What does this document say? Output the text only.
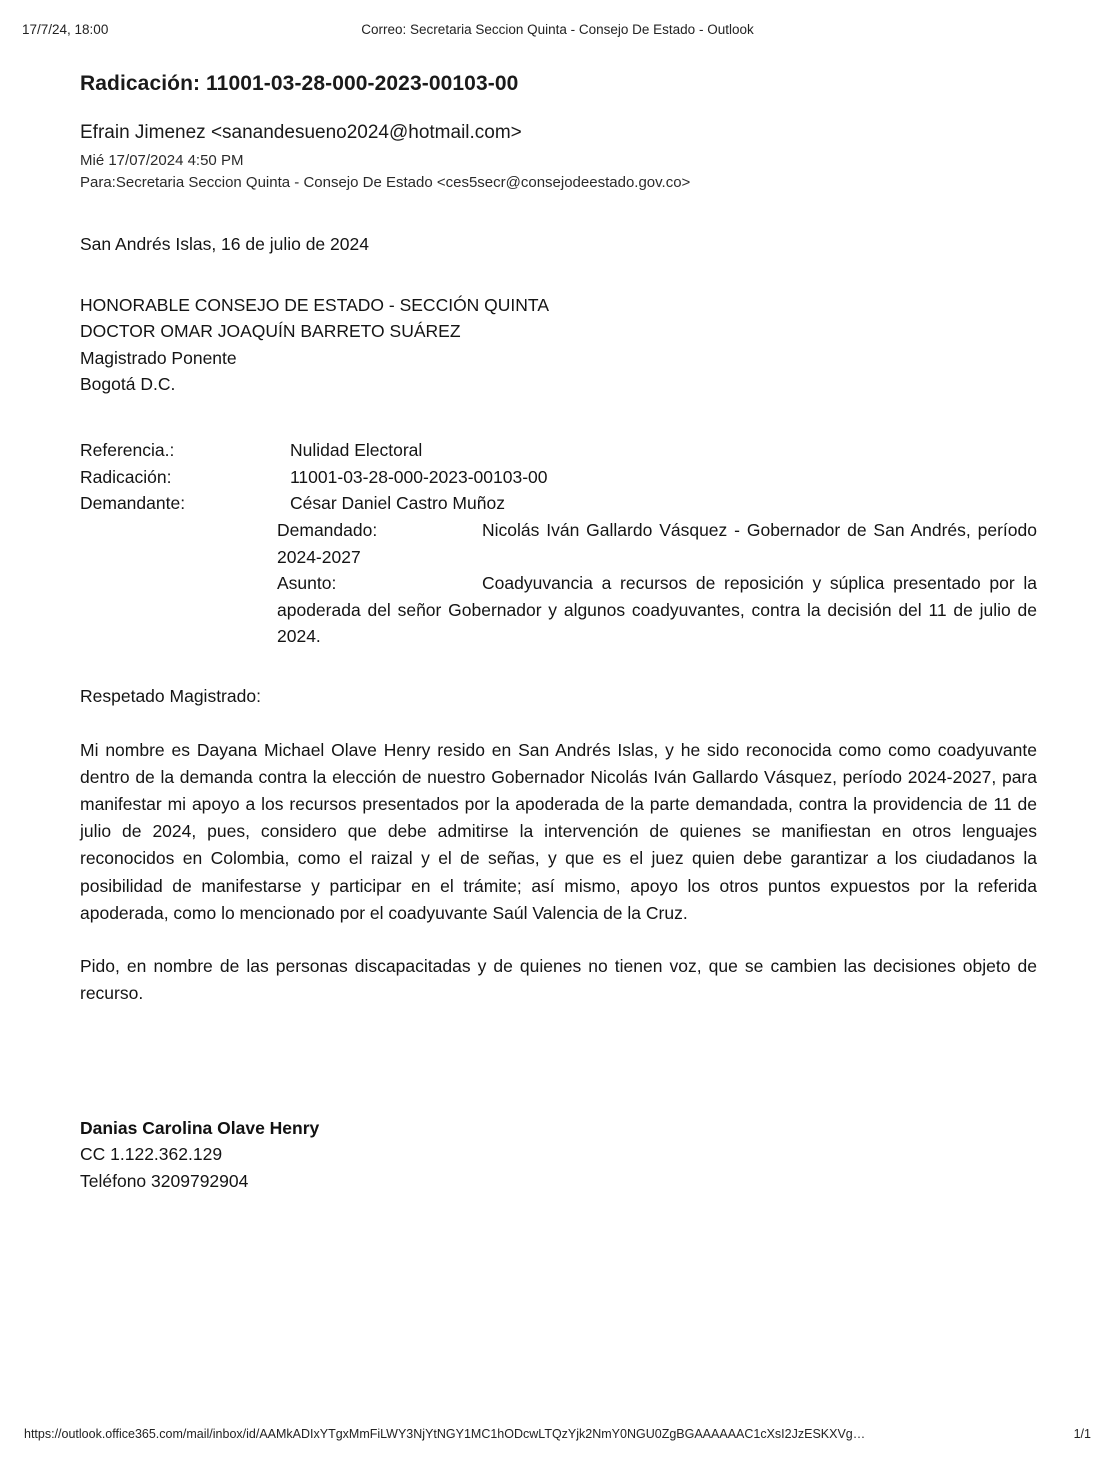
17/7/24, 18:00	Correo: Secretaria Seccion Quinta - Consejo De Estado - Outlook
Radicación: 11001-03-28-000-2023-00103-00
Efrain Jimenez <sanandesueno2024@hotmail.com>
Mié 17/07/2024 4:50 PM
Para:Secretaria Seccion Quinta - Consejo De Estado <ces5secr@consejodeestado.gov.co>
San Andrés Islas, 16 de julio de 2024
HONORABLE CONSEJO DE ESTADO - SECCIÓN QUINTA
DOCTOR OMAR JOAQUÍN BARRETO SUÁREZ
Magistrado Ponente
Bogotá D.C.
Referencia.:	Nulidad Electoral
Radicación:	11001-03-28-000-2023-00103-00
Demandante:	César Daniel Castro Muñoz
Demandado:	Nicolás Iván Gallardo Vásquez - Gobernador de San Andrés, período 2024-2027
Asunto:	Coadyuvancia a recursos de reposición y súplica presentado por la apoderada del señor Gobernador y algunos coadyuvantes, contra la decisión del 11 de julio de 2024.
Respetado Magistrado:
Mi nombre es Dayana Michael Olave Henry resido en San Andrés Islas, y he sido reconocida como como coadyuvante dentro de la demanda contra la elección de nuestro Gobernador Nicolás Iván Gallardo Vásquez, período 2024-2027, para manifestar mi apoyo a los recursos presentados por la apoderada de la parte demandada, contra la providencia de 11 de julio de 2024, pues, considero que debe admitirse la intervención de quienes se manifiestan en otros lenguajes reconocidos en Colombia, como el raizal y el de señas, y que es el juez quien debe garantizar a los ciudadanos la posibilidad de manifestarse y participar en el trámite; así mismo, apoyo los otros puntos expuestos por la referida apoderada, como lo mencionado por el coadyuvante Saúl Valencia de la Cruz.
Pido, en nombre de las personas discapacitadas y de quienes no tienen voz, que se cambien las decisiones objeto de recurso.
Danias Carolina Olave Henry
CC 1.122.362.129
Teléfono 3209792904
https://outlook.office365.com/mail/inbox/id/AAMkADIxYTgxMmFiLWY3NjYtNGY1MC1hODcwLTQzYjk2NmY0NGU0ZgBGAAAAAAC1cXsI2JzESKXVg…	1/1
